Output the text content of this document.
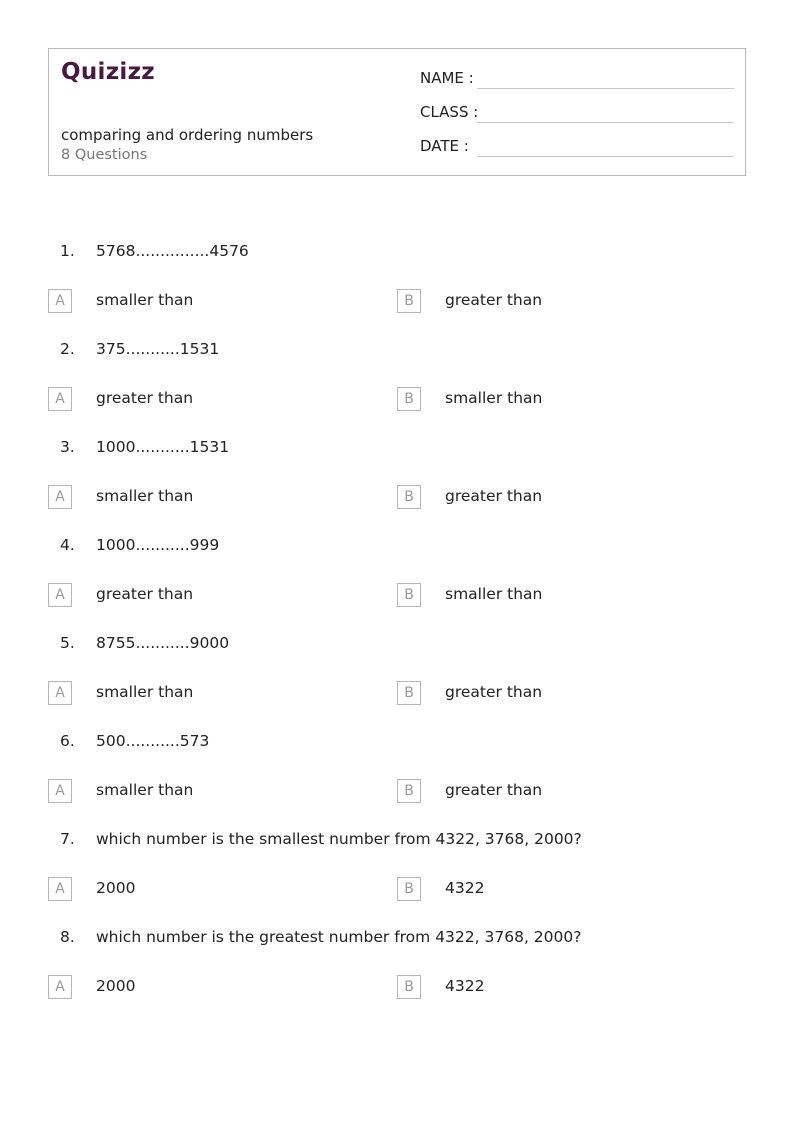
Quizizz
comparing and ordering numbers
8 Questions
NAME :
CLASS :
DATE :
1.	5768...............4576
A	smaller than	B	greater than
2.	375...........1531
A	greater than	B	smaller than
3.	1000...........1531
A	smaller than	B	greater than
4.	1000...........999
A	greater than	B	smaller than
5.	8755...........9000
A	smaller than	B	greater than
6.	500...........573
A	smaller than	B	greater than
7.	which number is the smallest number from 4322, 3768, 2000?
A	2000	B	4322
8.	which number is the greatest number from 4322, 3768, 2000?
A	2000	B	4322
